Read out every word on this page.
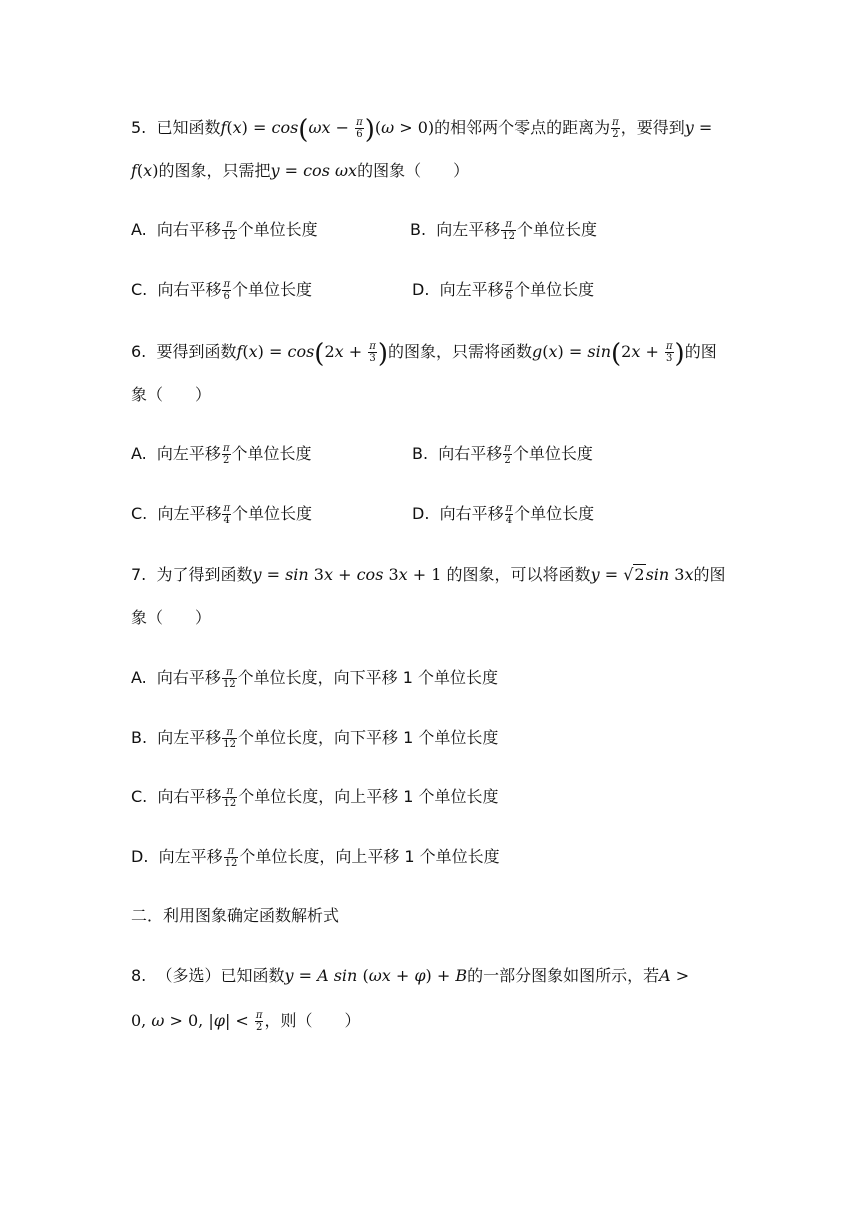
5. 已知函数$f(x) = \cos(\omega x - \frac{\pi}{6} )(\omega > 0)$的相邻两个零点的距离为 $\frac{\pi}{2}$ ，要得到y =
f(x)的图象，只需把y = cos ωx的图象（　　）
A. 向右平移 $\frac{\pi}{12}$ 个单位长度	B. 向左平移 $\frac{\pi}{12}$ 个单位长度
C. 向右平移 $\frac{\pi}{6}$ 个单位长度	D. 向左平移 $\frac{\pi}{6}$ 个单位长度
6. 要得到函数$f(x) = \cos(2x + \frac{\pi}{3}$ )的图象，只需将函数$g(x) = \sin(2x + \frac{\pi}{3}$ )的图
象（　　）
A. 向左平移 $\frac{\pi}{2}$ 个单位长度	B. 向右平移 $\frac{\pi}{2}$ 个单位长度
C. 向左平移 $\frac{\pi}{4}$ 个单位长度	D. 向右平移 $\frac{\pi}{4}$ 个单位长度
7. 为了得到函数y = sin 3x + cos 3x + 1 的图象，可以将函数y = √2sin 3x的图
象（　　）
A. 向右平移 $\frac{\pi}{12}$ 个单位长度，向下平移 1 个单位长度
B. 向左平移 $\frac{\pi}{12}$ 个单位长度，向下平移 1 个单位长度
C. 向右平移 $\frac{\pi}{12}$ 个单位长度，向上平移 1 个单位长度
D. 向左平移 $\frac{\pi}{12}$ 个单位长度，向上平移 1 个单位长度
二．利用图象确定函数解析式
8. （多选）已知函数y = A sin (ωx + φ) + B的一部分图象如图所示，若A >
0, ω > 0, $|\varphi| < \frac{\pi}{2}$ ，则（　　）
